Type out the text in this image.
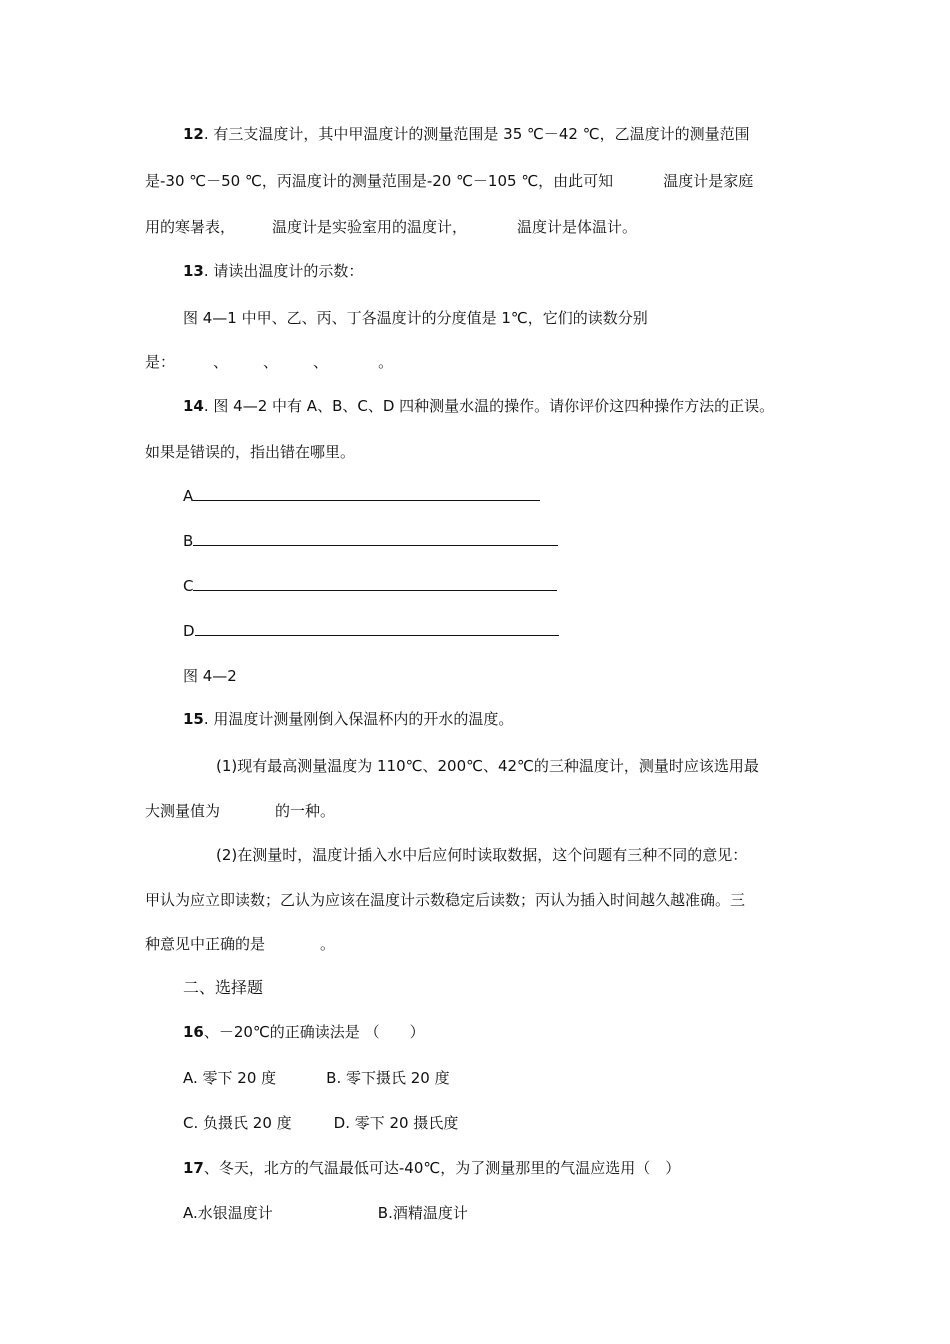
12. 有三支温度计，其中甲温度计的测量范围是 35 ℃－42 ℃，乙温度计的测量范围
是-30 ℃－50 ℃，丙温度计的测量范围是-20 ℃－105 ℃，由此可知	温度计是家庭
用的寒暑表， 温度计是实验室用的温度计，	温度计是体温计。
13. 请读出温度计的示数：
图 4—1 中甲、乙、丙、丁各温度计的分度值是 1℃，它们的读数分别
是：	、 、 、	。
14. 图 4—2 中有 A、B、C、D 四种测量水温的操作。请你评价这四种操作方法的正误。
如果是错误的，指出错在哪里。
A
B
C
D
图 4—2
15. 用温度计测量刚倒入保温杯内的开水的温度。
(1)现有最高测量温度为 110℃、200℃、42℃的三种温度计，测量时应该选用最
大测量值为	的一种。
(2)在测量时，温度计插入水中后应何时读取数据，这个问题有三种不同的意见：
甲认为应立即读数；乙认为应该在温度计示数稳定后读数；丙认为插入时间越久越准确。三
种意见中正确的是	。
二、选择题
16、－20℃的正确读法是 （　　）
A. 零下 20 度	B. 零下摄氏 20 度
C. 负摄氏 20 度	D. 零下 20 摄氏度
17、冬天，北方的气温最低可达-40℃，为了测量那里的气温应选用（　）
A.水银温度计	B.酒精温度计
